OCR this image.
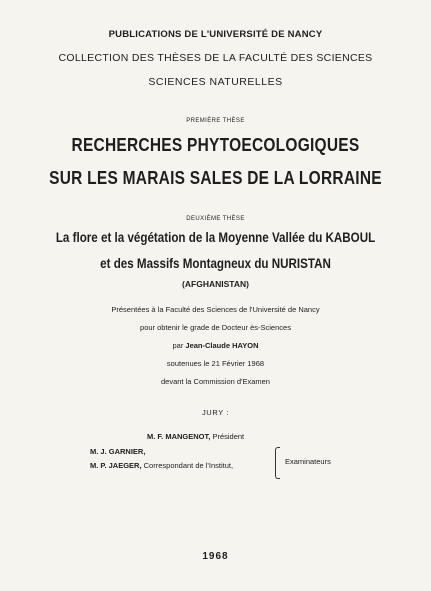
PUBLICATIONS DE L'UNIVERSITÉ DE NANCY
COLLECTION DES THÈSES DE LA FACULTÉ DES SCIENCES
SCIENCES NATURELLES
PREMIÈRE THÈSE
RECHERCHES PHYTOECOLOGIQUES
SUR LES MARAIS SALES DE LA LORRAINE
DEUXIÈME THÈSE
La flore et la végétation de la Moyenne Vallée du KABOUL
et des Massifs Montagneux du NURISTAN
(AFGHANISTAN)
Présentées à la Faculté des Sciences de l'Université de Nancy
pour obtenir le grade de Docteur ès-Sciences
par Jean-Claude HAYON
soutenues le 21 Février 1968
devant la Commission d'Examen
JURY :
M. F. MANGENOT, Président
M. J. GARNIER,
M. P. JAEGER, Correspondant de l'Institut,	Examinateurs
1968
